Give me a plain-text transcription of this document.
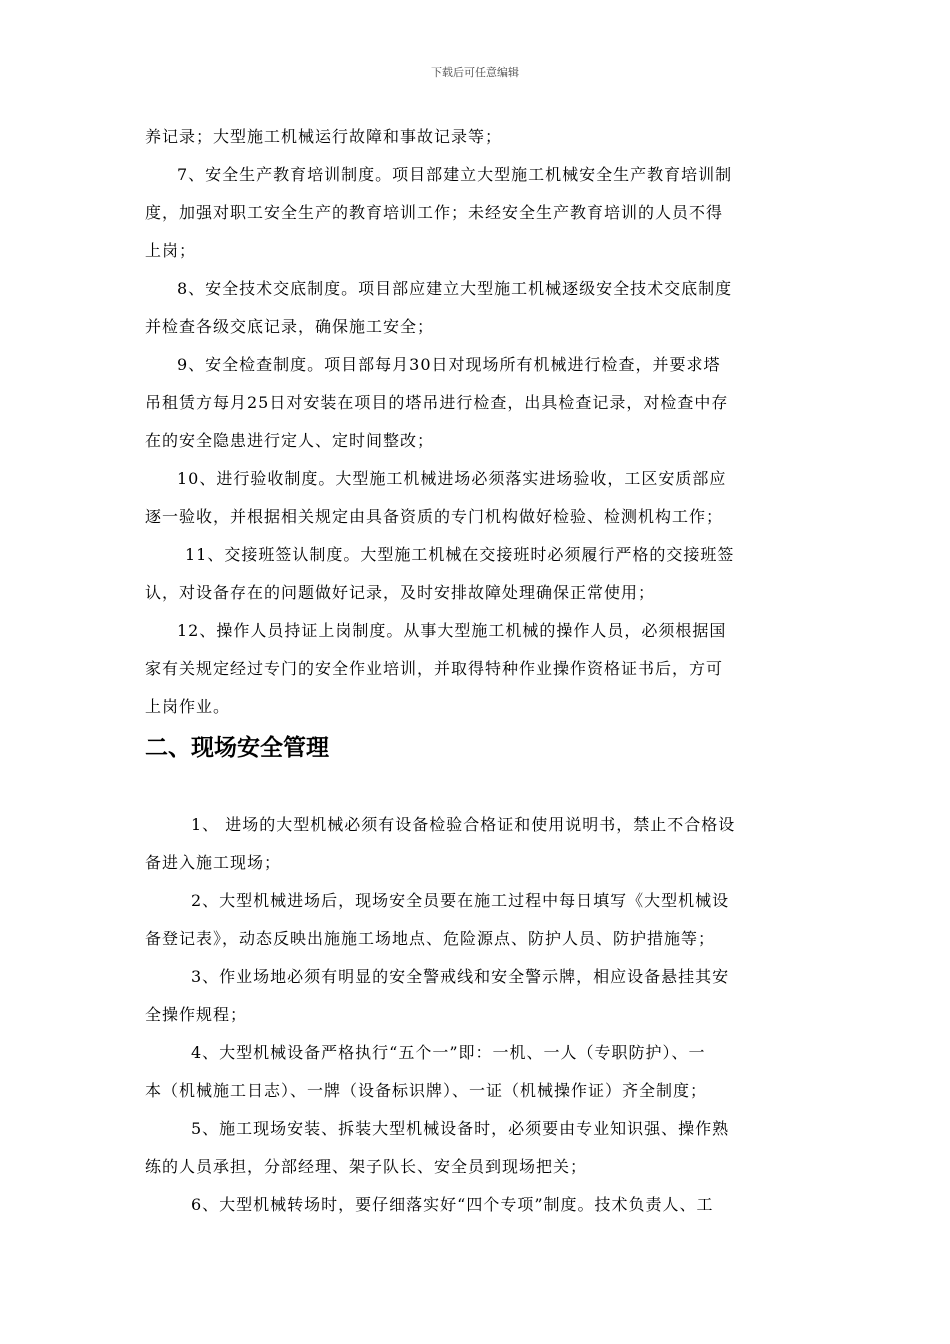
下载后可任意编辑

养记录；大型施工机械运行故障和事故记录等；

7、安全生产教育培训制度。项目部建立大型施工机械安全生产教育培训制

度，加强对职工安全生产的教育培训工作；未经安全生产教育培训的人员不得

上岗；

8、安全技术交底制度。项目部应建立大型施工机械逐级安全技术交底制度

并检查各级交底记录，确保施工安全；

9、安全检查制度。项目部每月30日对现场所有机械进行检查，并要求塔

吊租赁方每月25日对安装在项目的塔吊进行检查，出具检查记录，对检查中存

在的安全隐患进行定人、定时间整改；

10、进行验收制度。大型施工机械进场必须落实进场验收，工区安质部应

逐一验收，并根据相关规定由具备资质的专门机构做好检验、检测机构工作；

11、交接班签认制度。大型施工机械在交接班时必须履行严格的交接班签

认，对设备存在的问题做好记录，及时安排故障处理确保正常使用；

12、操作人员持证上岗制度。从事大型施工机械的操作人员，必须根据国

家有关规定经过专门的安全作业培训，并取得特种作业操作资格证书后，方可

上岗作业。

二、现场安全管理

1、 进场的大型机械必须有设备检验合格证和使用说明书，禁止不合格设

备进入施工现场；

2、大型机械进场后，现场安全员要在施工过程中每日填写《大型机械设

备登记表》，动态反映出施施工场地点、危险源点、防护人员、防护措施等；

3、作业场地必须有明显的安全警戒线和安全警示牌，相应设备悬挂其安

全操作规程；

4、大型机械设备严格执行“五个一”即：一机、一人（专职防护）、一

本（机械施工日志）、一牌（设备标识牌）、一证（机械操作证）齐全制度；

5、施工现场安装、拆装大型机械设备时，必须要由专业知识强、操作熟

练的人员承担，分部经理、架子队长、安全员到现场把关；

6、大型机械转场时，要仔细落实好“四个专项”制度。技术负责人、工
